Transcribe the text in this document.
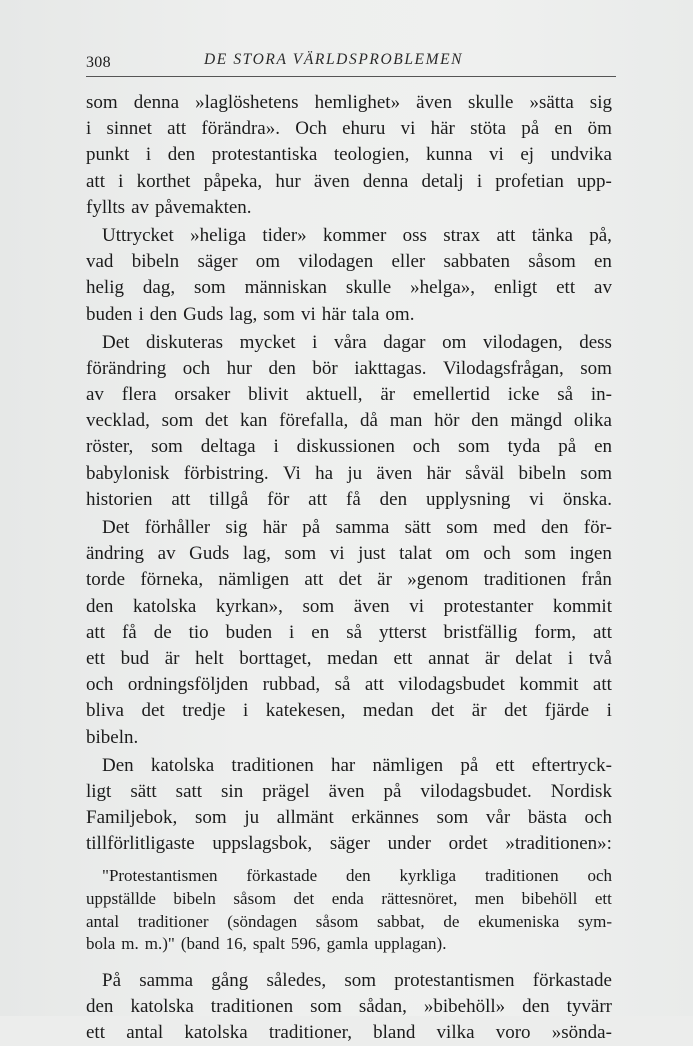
308	DE STORA VÄRLDSPROBLEMEN
som denna »laglöshetens hemlighet» även skulle »sätta sig
i sinnet att förändra». Och ehuru vi här stöta på en öm
punkt i den protestantiska teologien, kunna vi ej undvika
att i korthet påpeka, hur även denna detalj i profetian upp-
fyllts av påvemakten.
Uttrycket »heliga tider» kommer oss strax att tänka på,
vad bibeln säger om vilodagen eller sabbaten såsom en
helig dag, som människan skulle »helga», enligt ett av
buden i den Guds lag, som vi här tala om.
Det diskuteras mycket i våra dagar om vilodagen, dess
förändring och hur den bör iakttagas. Vilodagsfrågan, som
av flera orsaker blivit aktuell, är emellertid icke så in-
vecklad, som det kan förefalla, då man hör den mängd olika
röster, som deltaga i diskussionen och som tyda på en
babylonisk förbistring. Vi ha ju även här såväl bibeln som
historien att tillgå för att få den upplysning vi önska.
Det förhåller sig här på samma sätt som med den för-
ändring av Guds lag, som vi just talat om och som ingen
torde förneka, nämligen att det är »genom traditionen från
den katolska kyrkan», som även vi protestanter kommit
att få de tio buden i en så ytterst bristfällig form, att
ett bud är helt borttaget, medan ett annat är delat i två
och ordningsföljden rubbad, så att vilodagsbudet kommit att
bliva det tredje i katekesen, medan det är det fjärde i
bibeln.
Den katolska traditionen har nämligen på ett eftertryck-
ligt sätt satt sin prägel även på vilodagsbudet. Nordisk
Familjebok, som ju allmänt erkännes som vår bästa och
tillförlitligaste uppslagsbok, säger under ordet »traditionen»:
"Protestantismen förkastade den kyrkliga traditionen och
uppställde bibeln såsom det enda rättesnöret, men bibehöll ett
antal traditioner (söndagen såsom sabbat, de ekumeniska sym-
bola m. m.)" (band 16, spalt 596, gamla upplagan).
På samma gång således, som protestantismen förkastade
den katolska traditionen som sådan, »bibehöll» den tyvärr
ett antal katolska traditioner, bland vilka voro »sönda-
